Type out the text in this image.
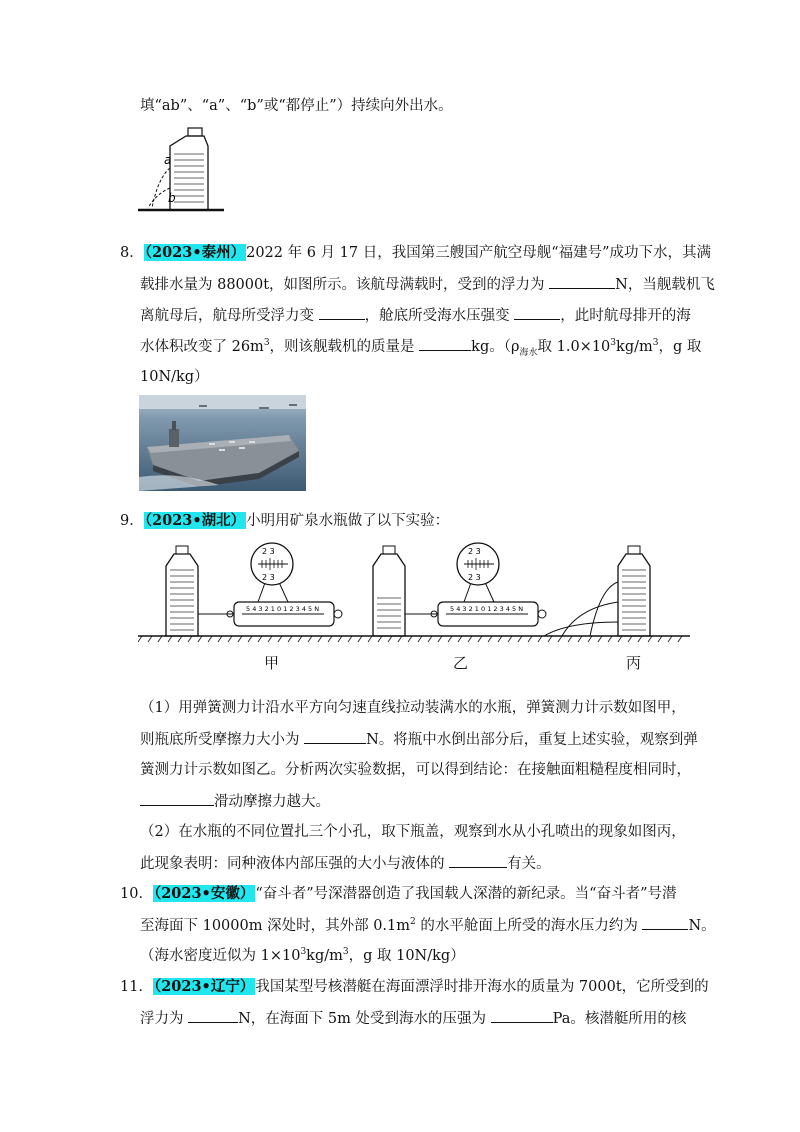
填“ab”、“a”、“b”或“都停止”）持续向外出水。
a
b
8．（2023•泰州）2022 年 6 月 17 日，我国第三艘国产航空母舰“福建号”成功下水，其满
载排水量为 88000t，如图所示。该航母满载时，受到的浮力为	N，当舰载机飞
离航母后，航母所受浮力变	，舱底所受海水压强变	，此时航母排开的海
水体积改变了 $26m^3$，则该舰载机的质量是	kg。（$\rho_{海水}$取 $1.0\times 10^3kg/m^3$，g 取
10N/kg）
9．（2023•湖北）小明用矿泉水瓶做了以下实验：
5 4 3 2 1 0 1 2 3 4 5 N
2 3
2 3
5 4 3 2 1 0 1 2 3 4 5 N
2 3
2 3
甲	乙	丙
（1）用弹簧测力计沿水平方向匀速直线拉动装满水的水瓶，弹簧测力计示数如图甲，
则瓶底所受摩擦力大小为	N。将瓶中水倒出部分后，重复上述实验，观察到弹
簧测力计示数如图乙。分析两次实验数据，可以得到结论：在接触面粗糙程度相同时，
滑动摩擦力越大。
（2）在水瓶的不同位置扎三个小孔，取下瓶盖，观察到水从小孔喷出的现象如图丙，
此现象表明：同种液体内部压强的大小与液体的	有关。
10．（2023•安徽）“奋斗者”号深潜器创造了我国载人深潜的新纪录。当“奋斗者”号潜
至海面下 10000m 深处时，其外部 $0.1m^2$ 的水平舱面上所受的海水压力约为	N。
（海水密度近似为 $1\times 10^3kg/m^3$，g 取 10N/kg）
11．（2023•辽宁）我国某型号核潜艇在海面漂浮时排开海水的质量为 7000t，它所受到的
浮力为	N，在海面下 5m 处受到海水的压强为	Pa。核潜艇所用的核
